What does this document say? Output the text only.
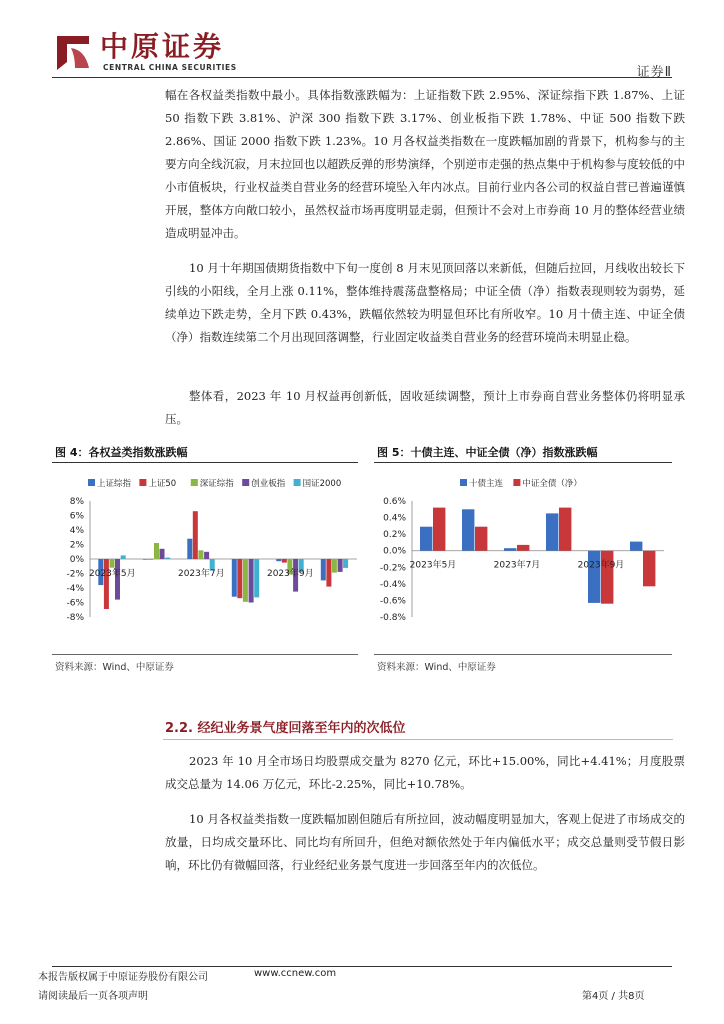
中原证券
CENTRAL CHINA SECURITIES	证券Ⅱ
幅在各权益类指数中最小。具体指数涨跌幅为：上证指数下跌 2.95%、深证综指下跌 1.87%、上证 50 指数下跌 3.81%、沪深 300 指数下跌 3.17%、创业板指下跌 1.78%、中证 500 指数下跌 2.86%、国证 2000 指数下跌 1.23%。10 月各权益类指数在一度跌幅加剧的背景下，机构参与的主要方向全线沉寂，月末拉回也以超跌反弹的形势演绎，个别逆市走强的热点集中于机构参与度较低的中小市值板块，行业权益类自营业务的经营环境坠入年内冰点。目前行业内各公司的权益自营已普遍谨慎开展，整体方向敞口较小，虽然权益市场再度明显走弱，但预计不会对上市券商 10 月的整体经营业绩造成明显冲击。
10 月十年期国债期货指数中下旬一度创 8 月末见顶回落以来新低，但随后拉回，月线收出较长下引线的小阳线，全月上涨 0.11%，整体维持震荡盘整格局；中证全债（净）指数表现则较为弱势，延续单边下跌走势，全月下跌 0.43%，跌幅依然较为明显但环比有所收窄。10 月十债主连、中证全债（净）指数连续第二个月出现回落调整，行业固定收益类自营业务的经营环境尚未明显止稳。
整体看，2023 年 10 月权益再创新低，固收延续调整，预计上市券商自营业务整体仍将明显承压。
图 4：各权益类指数涨跌幅
8%
6%
4%
2%
0%
-2%
-4%
-6%
-8%
2023年5月	2023年7月	2023年9月
上证综指 上证50	深证综指 创业板指 国证2000
资料来源：Wind、中原证券
图 5：十债主连、中证全债（净）指数涨跌幅
0.6%
0.4%
0.2%
0.0%
-0.2%
-0.4%
-0.6%
-0.8%
2023年5月	2023年7月	2023年9月
十债主连 中证全债（净）
资料来源：Wind、中原证券
2.2. 经纪业务景气度回落至年内的次低位
2023 年 10 月全市场日均股票成交量为 8270 亿元，环比+15.00%，同比+4.41%；月度股票成交总量为 14.06 万亿元，环比-2.25%，同比+10.78%。
10 月各权益类指数一度跌幅加剧但随后有所拉回，波动幅度明显加大，客观上促进了市场成交的放量，日均成交量环比、同比均有所回升，但绝对额依然处于年内偏低水平；成交总量则受节假日影响，环比仍有微幅回落，行业经纪业务景气度进一步回落至年内的次低位。
本报告版权属于中原证券股份有限公司	www.ccnew.com
请阅读最后一页各项声明	第4页 / 共8页
